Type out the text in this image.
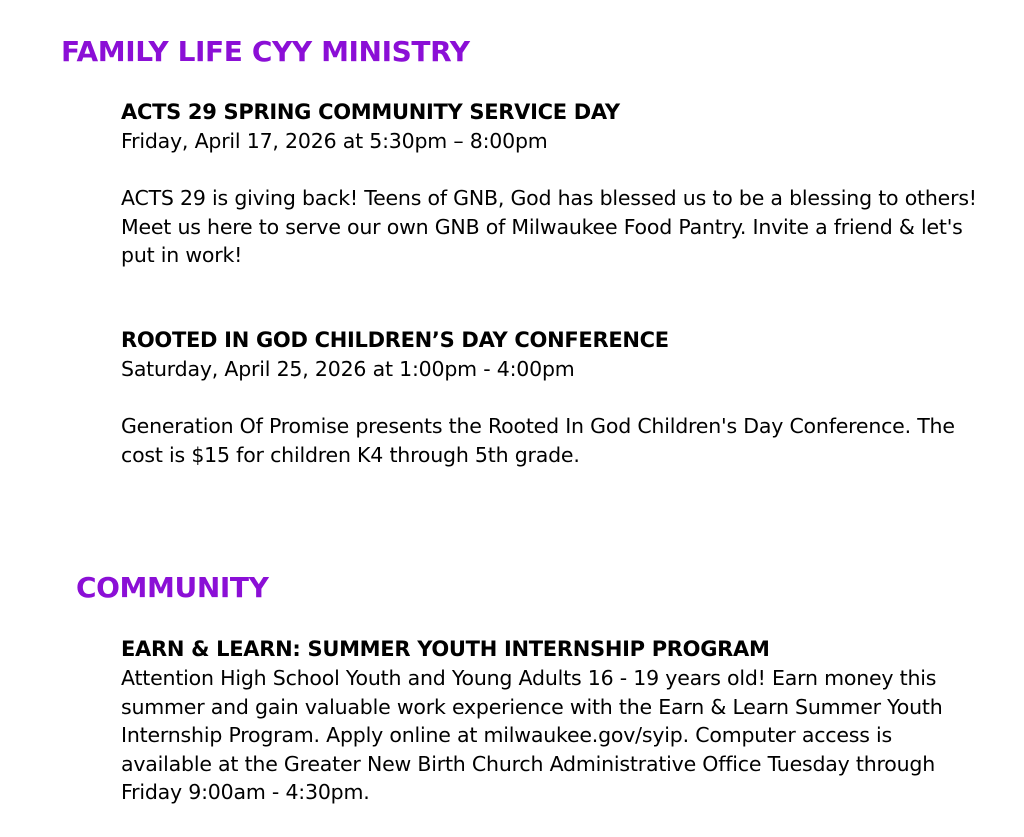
FAMILY LIFE CYY MINISTRY

ACTS 29 SPRING COMMUNITY SERVICE DAY

Friday, April 17, 2026 at 5:30pm – 8:00pm

ACTS 29 is giving back! Teens of GNB, God has blessed us to be a blessing to others! Meet us here to serve our own GNB of Milwaukee Food Pantry. Invite a friend & let's put in work!

ROOTED IN GOD CHILDREN’S DAY CONFERENCE

Saturday, April 25, 2026 at 1:00pm - 4:00pm

Generation Of Promise presents the Rooted In God Children's Day Conference. The cost is $15 for children K4 through 5th grade.

COMMUNITY

EARN & LEARN: SUMMER YOUTH INTERNSHIP PROGRAM

Attention High School Youth and Young Adults 16 - 19 years old! Earn money this summer and gain valuable work experience with the Earn & Learn Summer Youth Internship Program. Apply online at milwaukee.gov/syip. Computer access is available at the Greater New Birth Church Administrative Office Tuesday through Friday 9:00am - 4:30pm.
